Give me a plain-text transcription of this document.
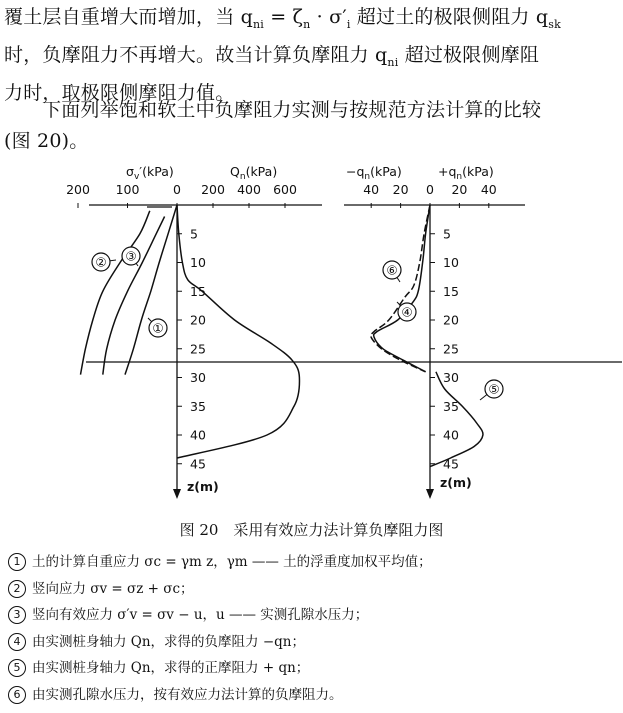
覆土层自重增大而增加，当 $q_{ni} = \zeta_n \cdot \sigma'_i$ 超过土的极限侧阻力 $q_{sk}$
时，负摩阻力不再增大。故当计算负摩阻力 $q_{ni}$ 超过极限侧摩阻
力时，取极限侧摩阻力值。

下面列举饱和软土中负摩阻力实测与按规范方法计算的比较
(图 20)。

$\sigma_v'(kPa)$	$Q_n(kPa)$	$-q_n(kPa)$	$+q_n(kPa)$
200 100	0 200 400 600	40 20 0 20 40
5	5
10	10
15	15
20	20
25	25
30	30
35	35
40	40
45	45
①
② ③
④
⑤
⑥
z(m)	z(m)

图 20　采用有效应力法计算负摩阻力图

1 土的计算自重应力 σc = γm z，γm —— 土的浮重度加权平均值；
2 竖向应力 σv = σz + σc；
3 竖向有效应力 σ′v = σv − u，u —— 实测孔隙水压力；
4 由实测桩身轴力 Qn，求得的负摩阻力 −qn；
5 由实测桩身轴力 Qn，求得的正摩阻力 + qn；
6 由实测孔隙水压力，按有效应力法计算的负摩阻力。
